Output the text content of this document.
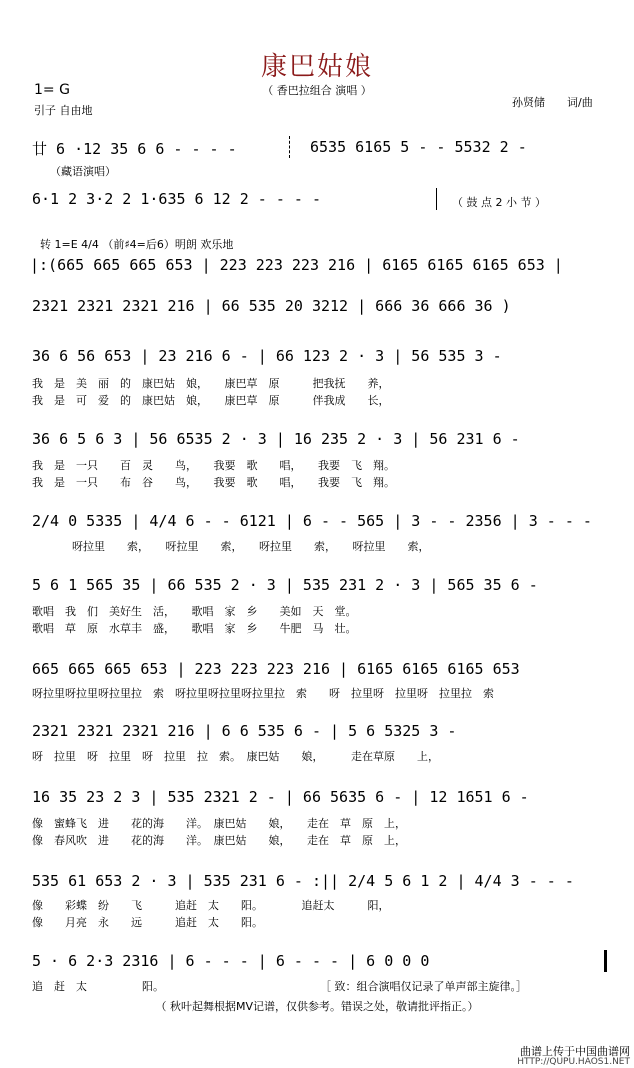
康巴姑娘
（ 香巴拉组合 演唱 ）
1= G
引子 自由地
孙贤储　　词/曲
廿 6 ·12 35 6 6 - - - -	6535 6165 5 - - 5532 2 -
（藏语演唱）
6·1 2 3·2 2 1·635 6 12 2 - - - -	（ 鼓 点 2 小 节 ）
转 1=E 4/4 （前♯4=后6）明朗 欢乐地
|:(665 665 665 653 | 223 223 223 216 | 6165 6165 6165 653 |
2321 2321 2321 216 | 66 535 20 3212 | 666 36 666 36 )
36 6 56 653 | 23 216 6 - | 66 123 2 · 3 | 56 535 3 -
我　是　美　丽　的　康巴姑　娘，　　康巴草　原　　　把我抚　　养，
我　是　可　爱　的　康巴姑　娘，　　康巴草　原　　　伴我成　　长，
36 6 5 6 3 | 56 6535 2 · 3 | 16 235 2 · 3 | 56 231 6 -
我　是　一只　　百　灵　　鸟，　　我要　歌　　唱，　　我要　飞　翔。
我　是　一只　　布　谷　　鸟，　　我要　歌　　唱，　　我要　飞　翔。
2/4 0 5335 | 4/4 6 - - 6121 | 6 - - 565 | 3 - - 2356 | 3 - - -
呀拉里　　索，　　呀拉里　　索，　　呀拉里　　索，　　呀拉里　　索，
5 6 1 565 35 | 66 535 2 · 3 | 535 231 2 · 3 | 565 35 6 -
歌唱　我　们　美好生　活，　　歌唱　家　乡　　美如　天　堂。
歌唱　草　原　水草丰　盛，　　歌唱　家　乡　　牛肥　马　壮。
665 665 665 653 | 223 223 223 216 | 6165 6165 6165 653
呀拉里呀拉里呀拉里拉　索　呀拉里呀拉里呀拉里拉　索　　呀　拉里呀　拉里呀　拉里拉　索
2321 2321 2321 216 | 6 6 535 6 - | 5 6 5325 3 -
呀　拉里　呀　拉里　呀　拉里　拉　索。　康巴姑　　娘，　　　走在草原　　上，
16 35 23 2 3 | 535 2321 2 - | 66 5635 6 - | 12 1651 6 -
像　蜜蜂飞　进　　花的海　　洋。　康巴姑　　娘，　　走在　草　原　上，
像　春风吹　进　　花的海　　洋。　康巴姑　　娘，　　走在　草　原　上，
535 61 653 2 · 3 | 535 231 6 - :|| 2/4 5 6 1 2 | 4/4 3 - - -
像　　彩蝶　纷　　飞　　　追赶　太　　阳。　　　　追赶太　　　阳，
像　　月亮　永　　远　　　追赶　太　　阳。
5 · 6 2·3 2316 | 6 - - - | 6 - - - | 6 0 0 0
追　赶　太　　　　　阳。	［ 致：组合演唱仅记录了单声部主旋律。］
（ 秋叶起舞根据MV记谱，仅供参考。错误之处，敬请批评指正。）
曲谱上传于中国曲谱网
HTTP://QUPU.HAOS1.NET
